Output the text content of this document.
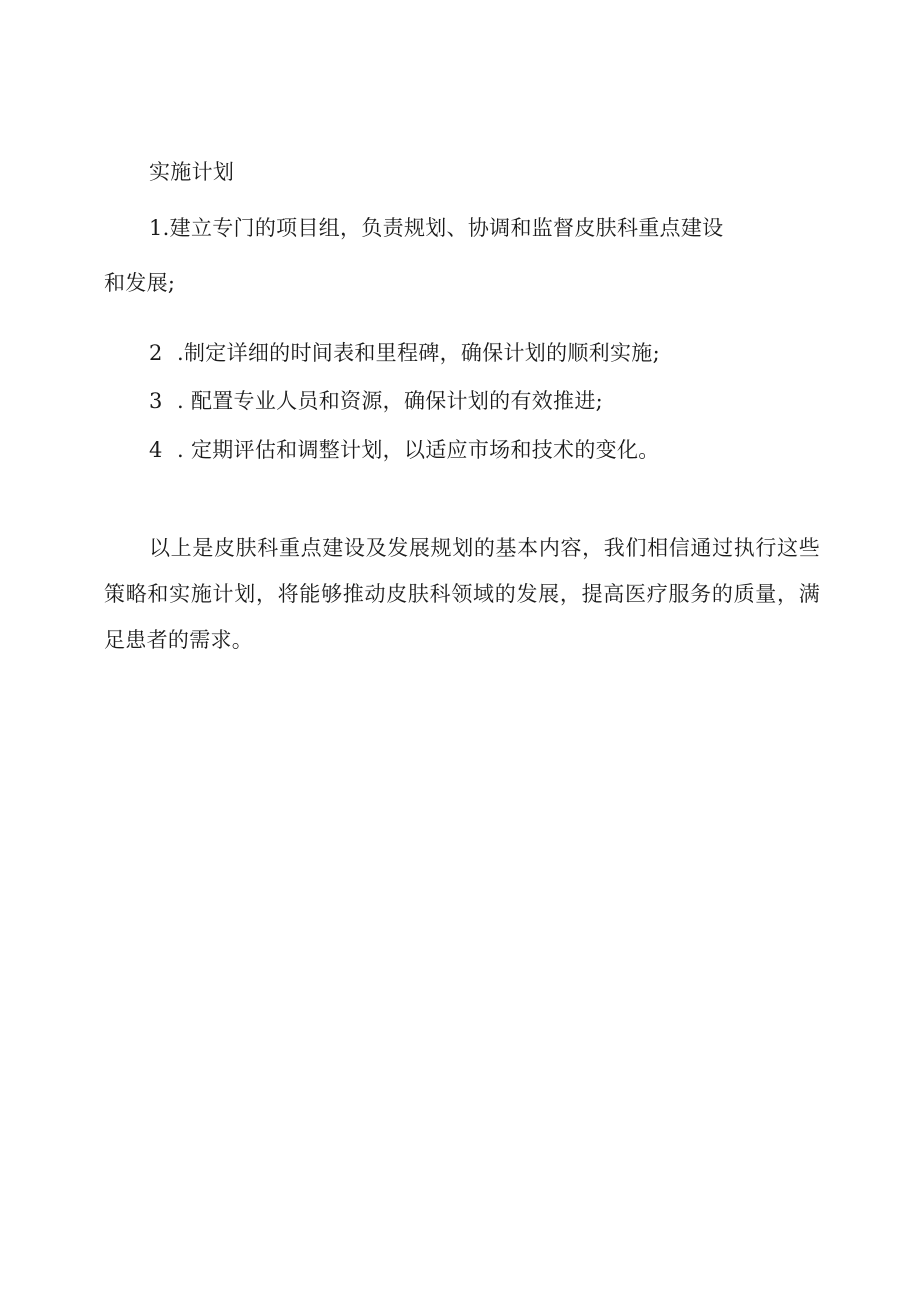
实施计划
1.建立专门的项目组，负责规划、协调和监督皮肤科重点建设
和发展;
2 .制定详细的时间表和里程碑，确保计划的顺利实施;
3 . 配置专业人员和资源，确保计划的有效推进;
4 . 定期评估和调整计划，以适应市场和技术的变化。
以上是皮肤科重点建设及发展规划的基本内容，我们相信通过执行这些策略和实施计划，将能够推动皮肤科领域的发展，提高医疗服务的质量，满足患者的需求。
